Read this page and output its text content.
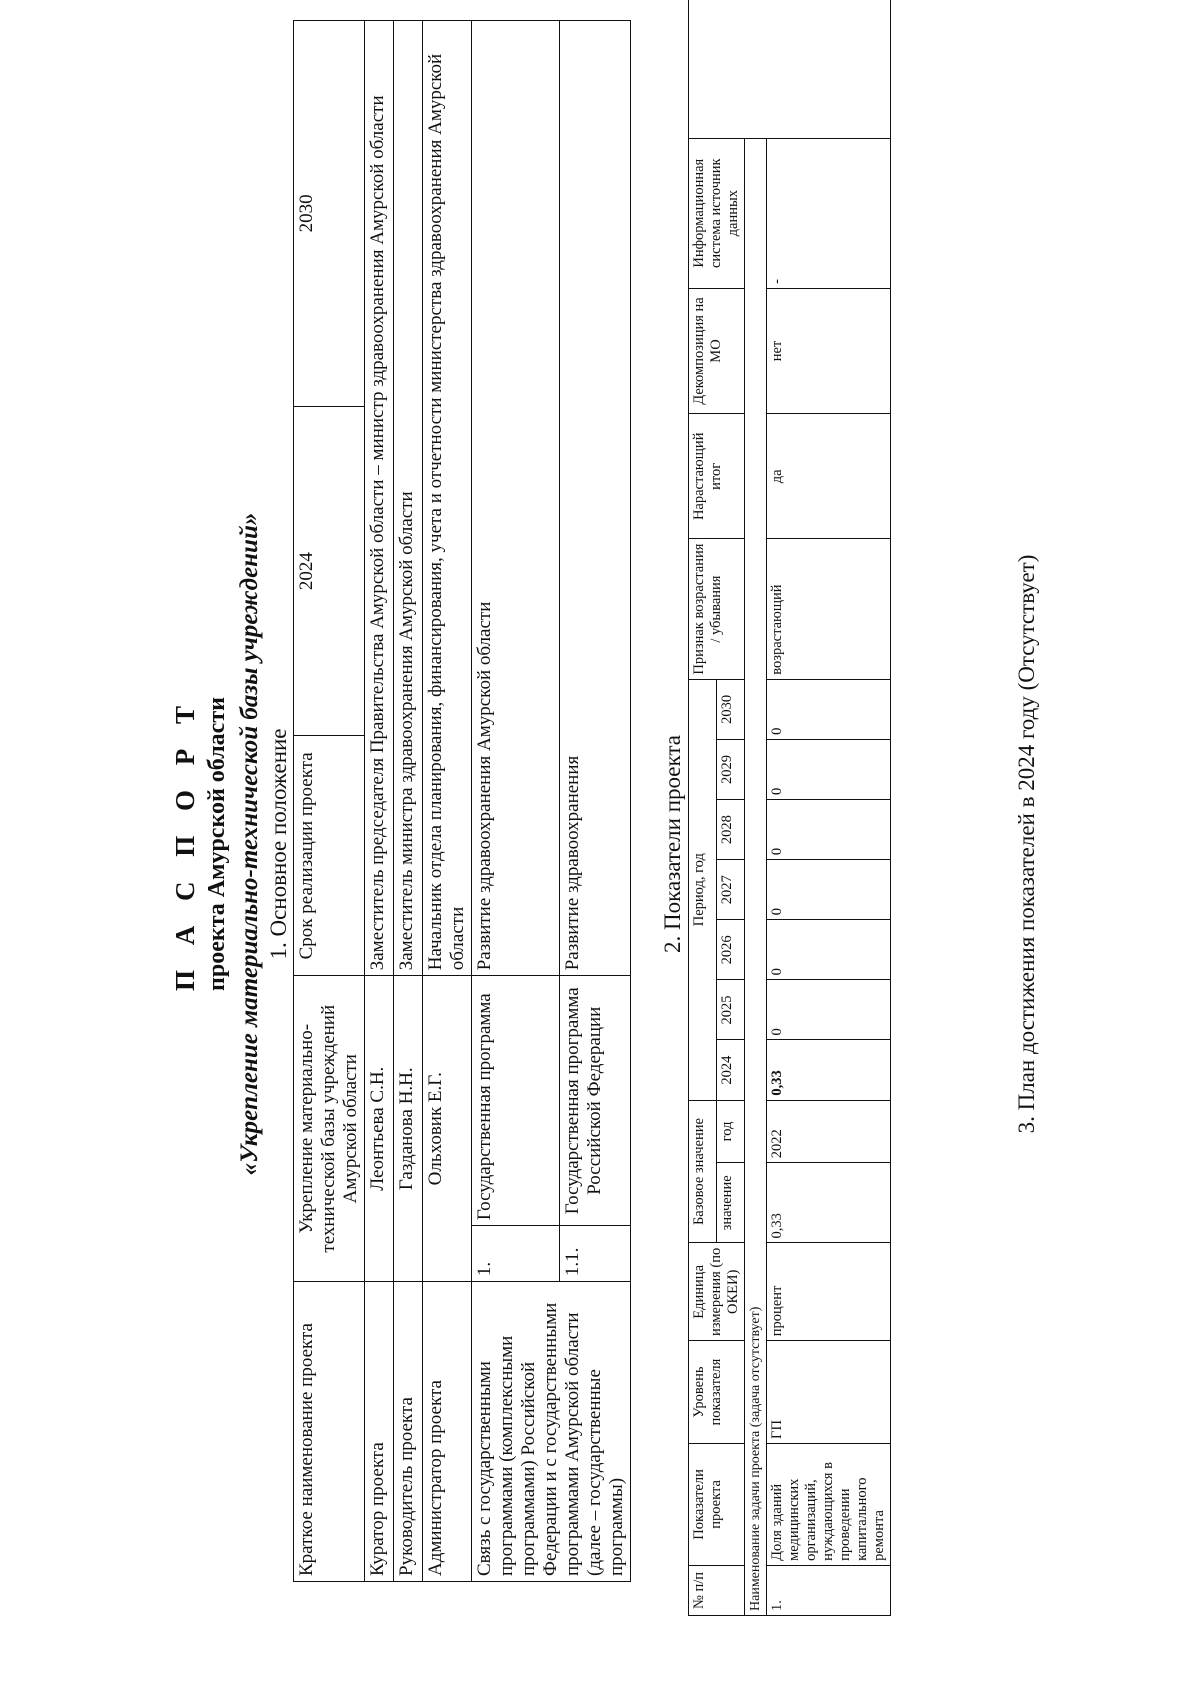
П А С П О Р Т проекта Амурской области «Укрепление материально-технической базы учреждений» 1. Основное положение
Краткое наименование проекта	Укрепление материально-технической базы учреждений Амурской области		Срок реализации проекта	2024	2030
Куратор проекта	Леонтьева С.Н.		Заместитель председателя Правительства Амурской области – министр здравоохранения Амурской области		
Руководитель проекта	Газданова Н.Н.		Заместитель министра здравоохранения Амурской области		
Администратор проекта	Ольховик Е.Г.		Начальник отдела планирования, финансирования, учета и отчетности министерства здравоохранения Амурской области		
Связь с государственными программами (комплексными программами) Российской Федерации и с государственными программами Амурской области (далее – государственные программы)	1.	Государственная программа	Развитие здравоохранения Амурской области		
	1.1.	Государственная программа Российской Федерации	Развитие здравоохранения			2. Показатели проекта
№ п/п	Показатели проекта	Уровень показателя	Единица измерения (по ОКЕИ)	Базовое значение		Период, год							Признак возрастания / убывания	Нарастающий итог	Декомпозиция на МО	Информационная система источник данных	
				значение	год	2024	2025	2026	2027	2028	2029	2030					
Наименование задачи проекта (задача отсутствует)																	
1.	Доля зданий медицинских организаций, нуждающихся в проведении капитального ремонта	ГП	процент	0,33	2022	0,33	0	0	0	0	0	0	возрастающий	да	нет	-	
3. План достижения показателей в 2024 году (Отсутствует)
